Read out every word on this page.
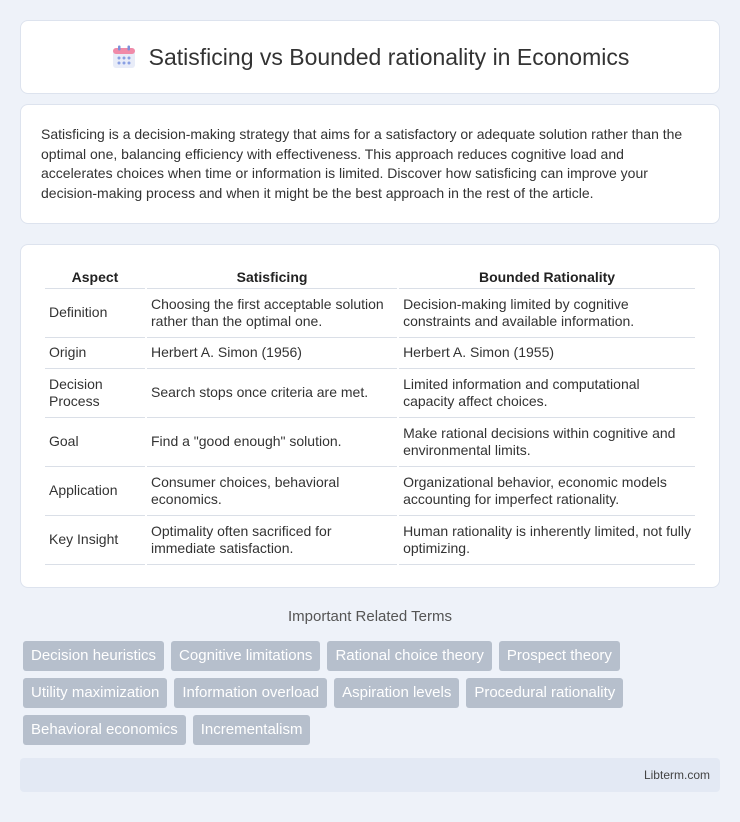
Satisficing vs Bounded rationality in Economics

Satisficing is a decision-making strategy that aims for a satisfactory or adequate solution rather than the optimal one, balancing efficiency with effectiveness. This approach reduces cognitive load and accelerates choices when time or information is limited. Discover how satisficing can improve your decision-making process and when it might be the best approach in the rest of the article.

Aspect	Satisficing	Bounded Rationality
Definition	Choosing the first acceptable solution rather than the optimal one.	Decision-making limited by cognitive constraints and available information.
Origin	Herbert A. Simon (1956)	Herbert A. Simon (1955)
Decision Process	Search stops once criteria are met.	Limited information and computational capacity affect choices.
Goal	Find a "good enough" solution.	Make rational decisions within cognitive and environmental limits.
Application	Consumer choices, behavioral economics.	Organizational behavior, economic models accounting for imperfect rationality.
Key Insight	Optimality often sacrificed for immediate satisfaction.	Human rationality is inherently limited, not fully optimizing.
Important Related Terms
Decision heuristics	Cognitive limitations	Rational choice theory	Prospect theory
Utility maximization	Information overload	Aspiration levels	Procedural rationality
Behavioral economics	Incrementalism
Libterm.com
